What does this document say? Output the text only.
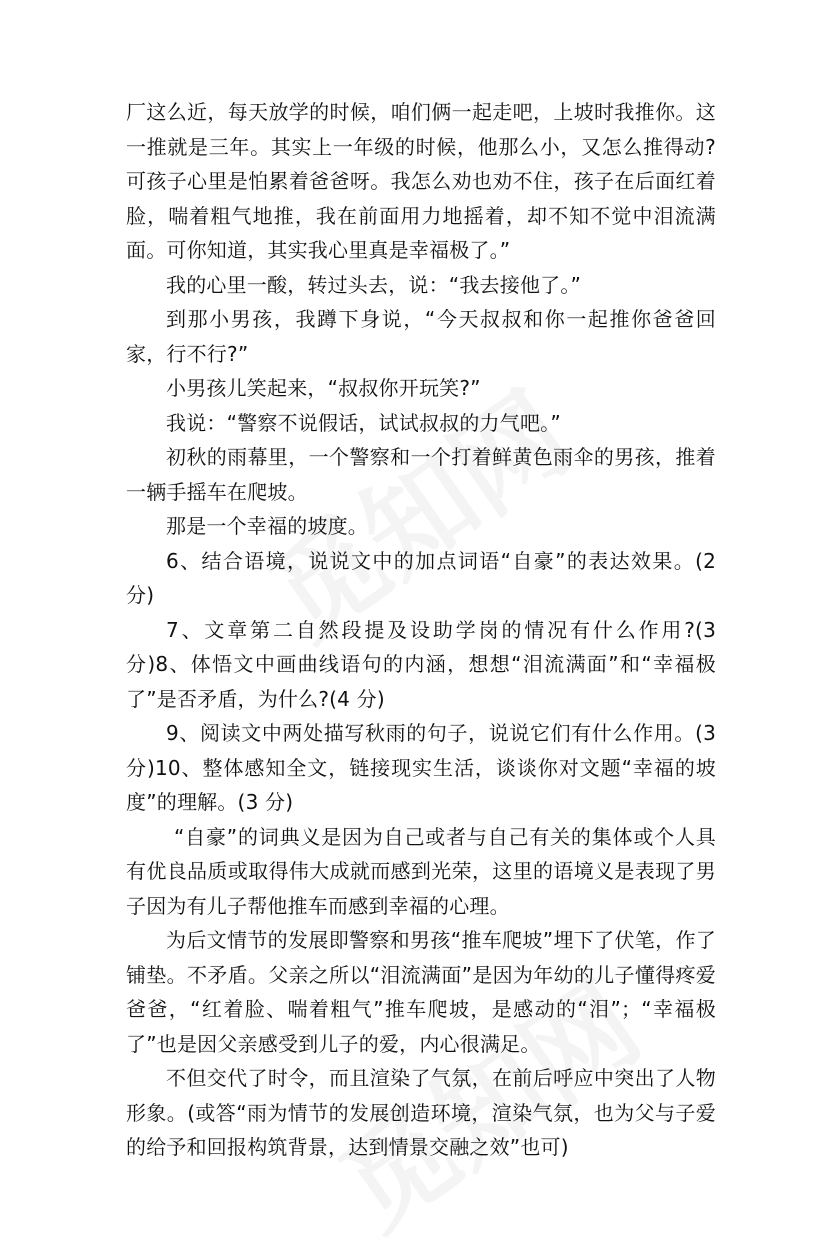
厂这么近，每天放学的时候，咱们俩一起走吧，上坡时我推你。这一推就是三年。其实上一年级的时候，他那么小，又怎么推得动?可孩子心里是怕累着爸爸呀。我怎么劝也劝不住，孩子在后面红着脸，喘着粗气地推，我在前面用力地摇着，却不知不觉中泪流满面。可你知道，其实我心里真是幸福极了。”

我的心里一酸，转过头去，说：“我去接他了。”

到那小男孩，我蹲下身说，“今天叔叔和你一起推你爸爸回家，行不行?”

小男孩儿笑起来，“叔叔你开玩笑?”

我说：“警察不说假话，试试叔叔的力气吧。”

初秋的雨幕里，一个警察和一个打着鲜黄色雨伞的男孩，推着一辆手摇车在爬坡。

那是一个幸福的坡度。

6、结合语境，说说文中的加点词语“自豪”的表达效果。(2 分)

7、文章第二自然段提及设助学岗的情况有什么作用?(3 分)8、体悟文中画曲线语句的内涵，想想“泪流满面”和“幸福极了”是否矛盾，为什么?(4 分)

9、阅读文中两处描写秋雨的句子，说说它们有什么作用。(3 分)10、整体感知全文，链接现实生活，谈谈你对文题“幸福的坡度”的理解。(3 分)

“自豪”的词典义是因为自己或者与自己有关的集体或个人具有优良品质或取得伟大成就而感到光荣，这里的语境义是表现了男子因为有儿子帮他推车而感到幸福的心理。

为后文情节的发展即警察和男孩“推车爬坡”埋下了伏笔，作了铺垫。不矛盾。父亲之所以“泪流满面”是因为年幼的儿子懂得疼爱爸爸，“红着脸、喘着粗气”推车爬坡，是感动的“泪”；“幸福极了”也是因父亲感受到儿子的爱，内心很满足。

不但交代了时令，而且渲染了气氛，在前后呼应中突出了人物形象。(或答“雨为情节的发展创造环境，渲染气氛，也为父与子爱的给予和回报构筑背景，达到情景交融之效”也可)
